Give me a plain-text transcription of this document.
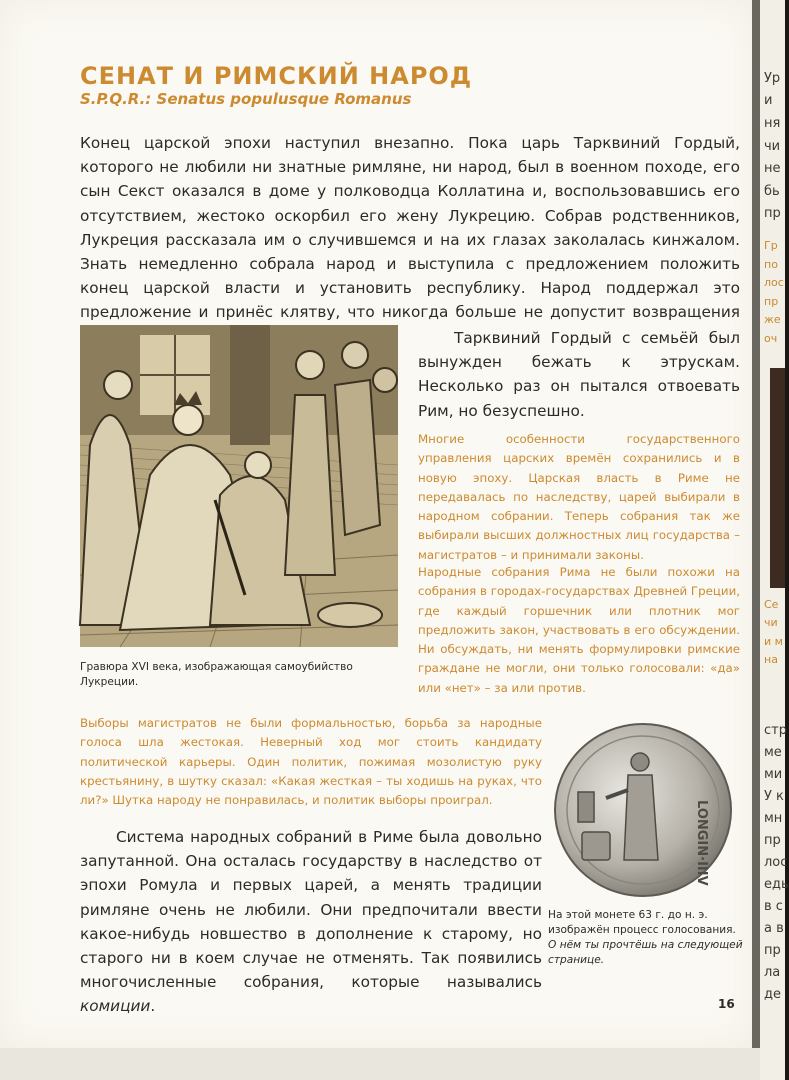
СЕНАТ И РИМСКИЙ НАРОД
S.P.Q.R.: Senatus populusque Romanus

Конец царской эпохи наступил внезапно. Пока царь Тарквиний Гордый, которого не любили ни знатные римляне, ни народ, был в военном походе, его сын Секст оказался в доме у полководца Коллатина и, воспользовавшись его отсутствием, жестоко оскорбил его жену Лукрецию. Собрав родственников, Лукреция рассказала им о случившемся и на их глазах заколалась кинжалом. Знать немедленно собрала народ и выступила с предложением положить конец царской власти и установить республику. Народ поддержал это предложение и принёс клятву, что никогда больше не допустит возвращения

Гравюра XVI века, изображающая самоубийство Лукреции.

Тарквиний Гордый с семьёй был вынужден бежать к этрускам. Несколько раз он пытался отвоевать Рим, но безуспешно.

Многие особенности государственного управления царских времён сохранились и в новую эпоху. Царская власть в Риме не передавалась по наследству, царей выбирали в народном собрании. Теперь собрания так же выбирали высших должностных лиц государства – магистратов – и принимали законы.

Народные собрания Рима не были похожи на собрания в городах-государствах Древней Греции, где каждый горшечник или плотник мог предложить закон, участвовать в его обсуждении. Ни обсуждать, ни менять формулировки римские граждане не могли, они только голосовали: «да» или «нет» – за или против.

Выборы магистратов не были формальностью, борьба за народные голоса шла жестокая. Неверный ход мог стоить кандидату политической карьеры. Один политик, пожимая мозолистую руку крестьянину, в шутку сказал: «Какая жесткая – ты ходишь на руках, что ли?» Шутка народу не понравилась, и политик выборы проиграл.

Система народных собраний в Риме была довольно запутанной. Она осталась государству в наследство от эпохи Ромула и первых царей, а менять традиции римляне очень не любили. Они предпочитали ввести какое-нибудь новшество в дополнение к старому, но старого ни в коем случае не отменять. Так появились многочисленные собрания, которые назывались комиции.

LONGIN·IIIV

На этой монете 63 г. до н. э. изображён процесс голосования.
О нём ты прочтёшь на следующей странице.

16
Ур
и
ня
чи
не
бь
пр
Гр
по
лос
пр
же
оч
Се
чи
и м
на
стр
ме
ми
У к
мн
пр
лос
едь
в с
а в
пр
ла
де
